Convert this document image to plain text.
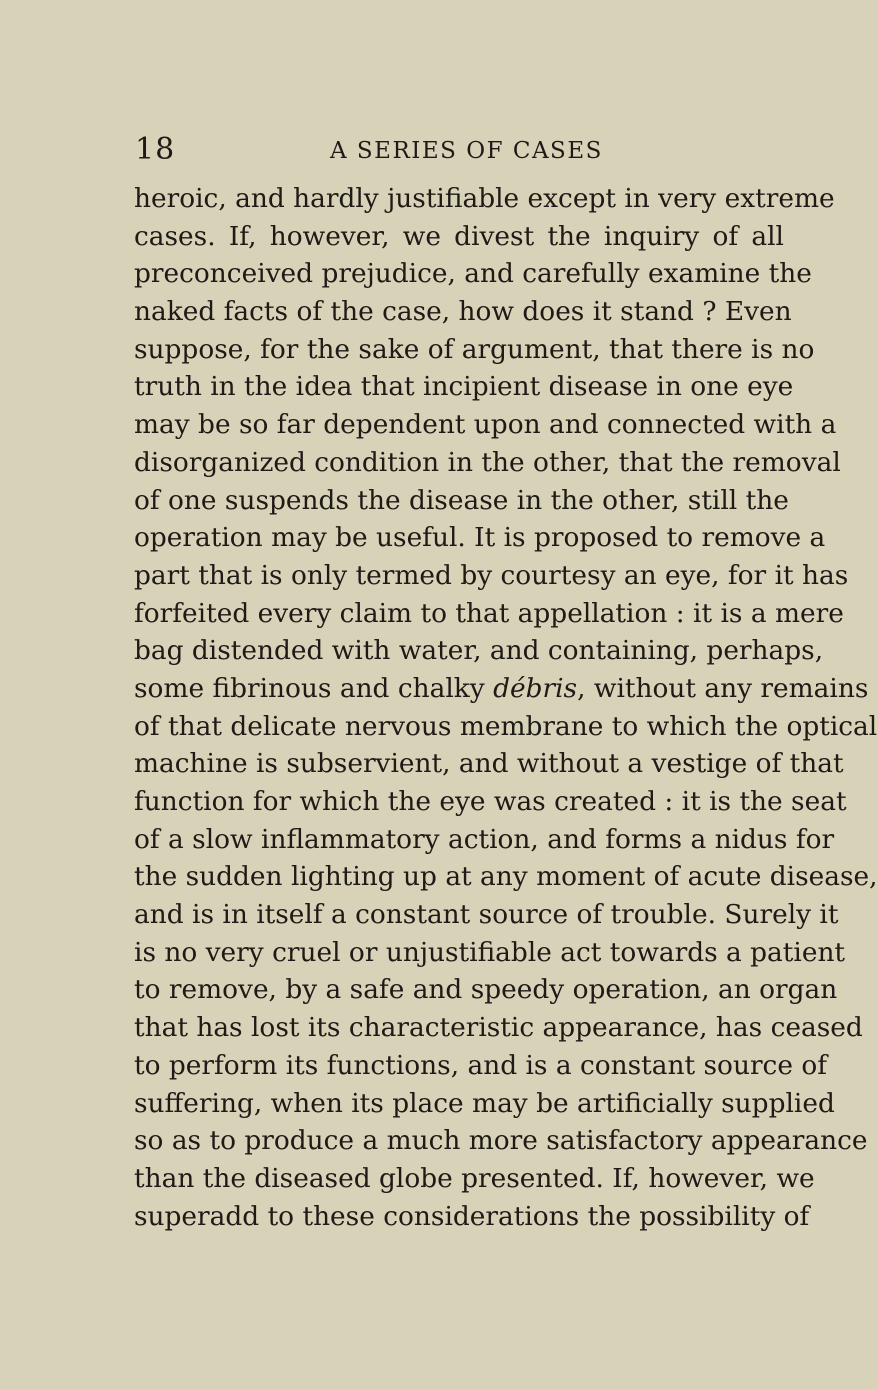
18	A SERIES OF CASES
heroic, and hardly justifiable except in very extreme
cases. If, however, we divest the inquiry of all
preconceived prejudice, and carefully examine the
naked facts of the case, how does it stand ? Even
suppose, for the sake of argument, that there is no
truth in the idea that incipient disease in one eye
may be so far dependent upon and connected with a
disorganized condition in the other, that the removal
of one suspends the disease in the other, still the
operation may be useful. It is proposed to remove a
part that is only termed by courtesy an eye, for it has
forfeited every claim to that appellation : it is a mere
bag distended with water, and containing, perhaps,
some fibrinous and chalky débris, without any remains
of that delicate nervous membrane to which the optical
machine is subservient, and without a vestige of that
function for which the eye was created : it is the seat
of a slow inflammatory action, and forms a nidus for
the sudden lighting up at any moment of acute disease,
and is in itself a constant source of trouble. Surely it
is no very cruel or unjustifiable act towards a patient
to remove, by a safe and speedy operation, an organ
that has lost its characteristic appearance, has ceased
to perform its functions, and is a constant source of
suffering, when its place may be artificially supplied
so as to produce a much more satisfactory appearance
than the diseased globe presented. If, however, we
superadd to these considerations the possibility of
